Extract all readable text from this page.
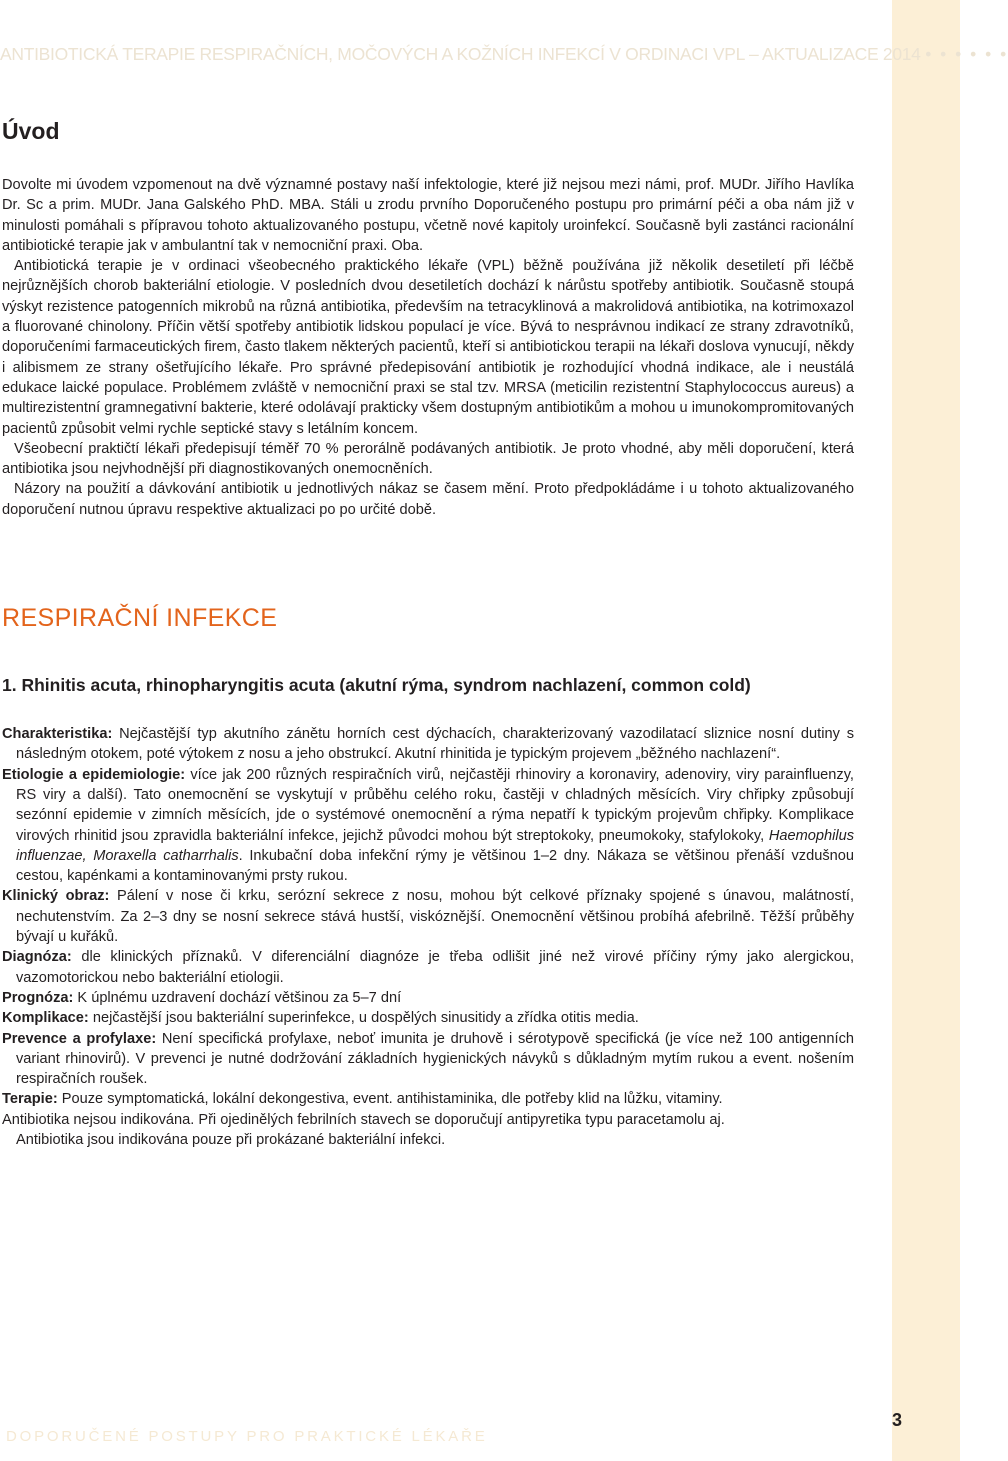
ANTIBIOTICKÁ TERAPIE RESPIRAČNÍCH, MOČOVÝCH A KOŽNÍCH INFEKCÍ V ORDINACI VPL – AKTUALIZACE 2014 • • • • • •
Úvod

Dovolte mi úvodem vzpomenout na dvě významné postavy naší infektologie, které již nejsou mezi námi, prof. MUDr. Jiřího Havlíka Dr. Sc a prim. MUDr. Jana Galského PhD. MBA. Stáli u zrodu prvního Doporučeného postupu pro primární péči a oba nám již v minulosti pomáhali s přípravou tohoto aktualizovaného postupu, včetně nové kapitoly uroinfekcí. Současně byli zastánci racionální antibiotické terapie jak v ambulantní tak v nemocniční praxi. Oba.

Antibiotická terapie je v ordinaci všeobecného praktického lékaře (VPL) běžně používána již několik desetiletí při léčbě nejrůznějších chorob bakteriální etiologie. V posledních dvou desetiletích dochází k nárůstu spotřeby antibiotik. Současně stoupá výskyt rezistence patogenních mikrobů na různá antibiotika, především na tetracyklinová a makrolidová antibiotika, na kotrimoxazol a fluorované chinolony. Příčin větší spotřeby antibiotik lidskou populací je více. Bývá to nesprávnou indikací ze strany zdravotníků, doporučeními farmaceutických firem, často tlakem některých pacientů, kteří si antibiotickou terapii na lékaři doslova vynucují, někdy i alibismem ze strany ošetřujícího lékaře. Pro správné předepisování antibiotik je rozhodující vhodná indikace, ale i neustálá edukace laické populace. Problémem zvláště v nemocniční praxi se stal tzv. MRSA (meticilin rezistentní Staphylococcus aureus) a multirezistentní gramnegativní bakterie, které odolávají prakticky všem dostupným antibiotikům a mohou u imunokompromitovaných pacientů způsobit velmi rychle septické stavy s letálním koncem.

Všeobecní praktičtí lékaři předepisují téměř 70 % perorálně podávaných antibiotik. Je proto vhodné, aby měli doporučení, která antibiotika jsou nejvhodnější při diagnostikovaných onemocněních.

Názory na použití a dávkování antibiotik u jednotlivých nákaz se časem mění. Proto předpokládáme i u tohoto aktualizovaného doporučení nutnou úpravu respektive aktualizaci po po určité době.

RESPIRAČNÍ INFEKCE
1. Rhinitis acuta, rhinopharyngitis acuta (akutní rýma, syndrom nachlazení, common cold)

Charakteristika: Nejčastější typ akutního zánětu horních cest dýchacích, charakterizovaný vazodilatací sliznice nosní dutiny s následným otokem, poté výtokem z nosu a jeho obstrukcí. Akutní rhinitida je typickým projevem „běžného nachlazení“.

Etiologie a epidemiologie: více jak 200 různých respiračních virů, nejčastěji rhinoviry a koronaviry, adenoviry, viry parainfluenzy, RS viry a další). Tato onemocnění se vyskytují v průběhu celého roku, častěji v chladných měsících. Viry chřipky způsobují sezónní epidemie v zimních měsících, jde o systémové onemocnění a rýma nepatří k typickým projevům chřipky. Komplikace virových rhinitid jsou zpravidla bakteriální infekce, jejichž původci mohou být streptokoky, pneumokoky, stafylokoky, Haemophilus influenzae, Moraxella catharrhalis. Inkubační doba infekční rýmy je většinou 1–2 dny. Nákaza se většinou přenáší vzdušnou cestou, kapénkami a kontaminovanými prsty rukou.

Klinický obraz: Pálení v nose či krku, serózní sekrece z nosu, mohou být celkové příznaky spojené s únavou, malátností, nechutenstvím. Za 2–3 dny se nosní sekrece stává hustší, viskóznější. Onemocnění většinou probíhá afebrilně. Těžší průběhy bývají u kuřáků.

Diagnóza: dle klinických příznaků. V diferenciální diagnóze je třeba odlišit jiné než virové příčiny rýmy jako alergickou, vazomotorickou nebo bakteriální etiologii.

Prognóza: K úplnému uzdravení dochází většinou za 5–7 dní

Komplikace: nejčastější jsou bakteriální superinfekce, u dospělých sinusitidy a zřídka otitis media.

Prevence a profylaxe: Není specifická profylaxe, neboť imunita je druhově i sérotypově specifická (je více než 100 antigenních variant rhinovirů). V prevenci je nutné dodržování základních hygienických návyků s důkladným mytím rukou a event. nošením respiračních roušek.

Terapie: Pouze symptomatická, lokální dekongestiva, event. antihistaminika, dle potřeby klid na lůžku, vitaminy.

Antibiotika nejsou indikována. Při ojedinělých febrilních stavech se doporučují antipyretika typu paracetamolu aj.

Antibiotika jsou indikována pouze při prokázané bakteriální infekci.

DOPORUČENÉ POSTUPY PRO PRAKTICKÉ LÉKAŘE
3
